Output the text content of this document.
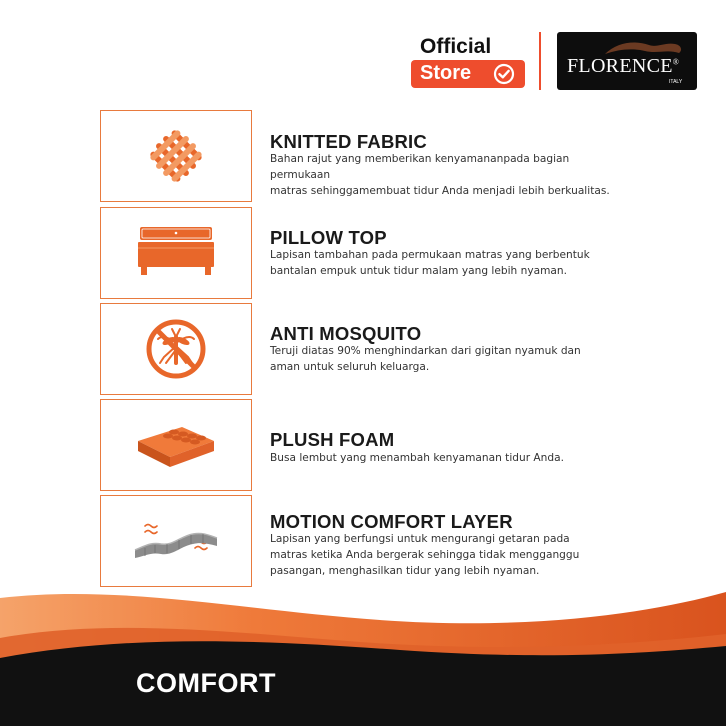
Official
Store	FLORENCE®
ITALY
KNITTED FABRIC
Bahan rajut yang memberikan kenyamananpada bagian permukaan
matras sehinggamembuat tidur Anda menjadi lebih berkualitas.
PILLOW TOP
Lapisan tambahan pada permukaan matras yang berbentuk
bantalan empuk untuk tidur malam yang lebih nyaman.
ANTI MOSQUITO
Teruji diatas 90% menghindarkan dari gigitan nyamuk dan
aman untuk seluruh keluarga.
PLUSH FOAM
Busa lembut yang menambah kenyamanan tidur Anda.
MOTION COMFORT LAYER
Lapisan yang berfungsi untuk mengurangi getaran pada
matras ketika Anda bergerak sehingga tidak mengganggu
pasangan, menghasilkan tidur yang lebih nyaman.
COMFORT
